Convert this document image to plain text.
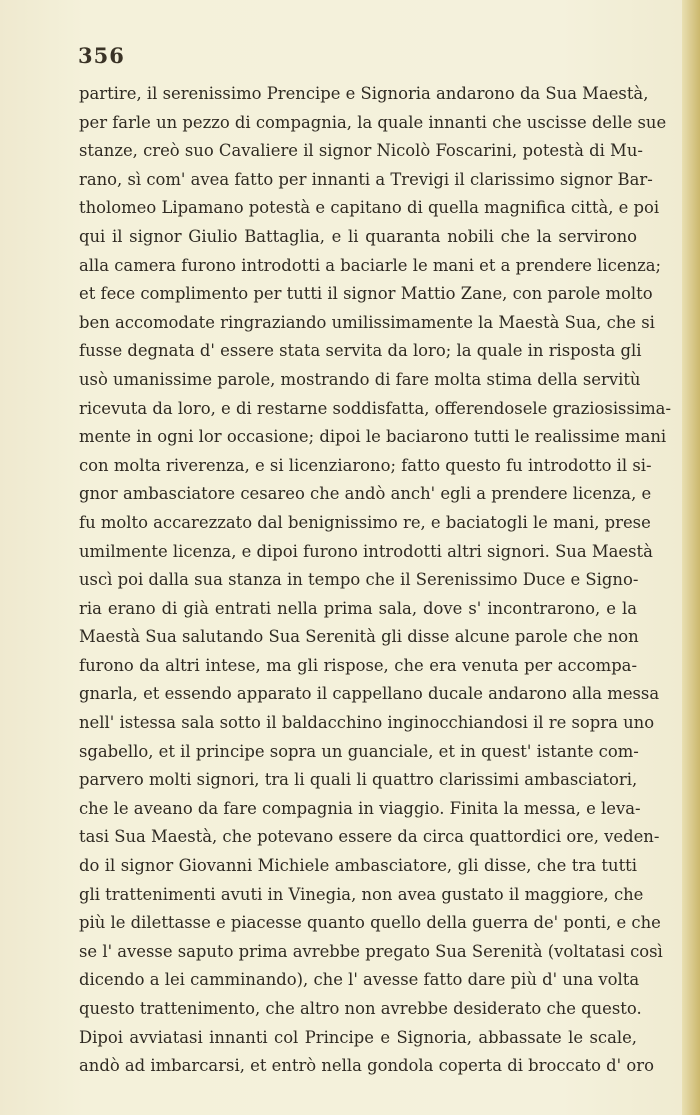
356
partire, il serenissimo Prencipe e Signoria andarono da Sua Maestà,
per farle un pezzo di compagnia, la quale innanti che uscisse delle sue
stanze, creò suo Cavaliere il signor Nicolò Foscarini, potestà di Mu-
rano, sì com' avea fatto per innanti a Trevigi il clarissimo signor Bar-
tholomeo Lipamano potestà e capitano di quella magnifica città, e poi
qui il signor Giulio Battaglia, e li quaranta nobili che la servirono
alla camera furono introdotti a baciarle le mani et a prendere licenza;
et fece complimento per tutti il signor Mattio Zane, con parole molto
ben accomodate ringraziando umilissimamente la Maestà Sua, che si
fusse degnata d' essere stata servita da loro; la quale in risposta gli
usò umanissime parole, mostrando di fare molta stima della servitù
ricevuta da loro, e di restarne soddisfatta, offerendosele graziosissima-
mente in ogni lor occasione; dipoi le baciarono tutti le realissime mani
con molta riverenza, e si licenziarono; fatto questo fu introdotto il si-
gnor ambasciatore cesareo che andò anch' egli a prendere licenza, e
fu molto accarezzato dal benignissimo re, e baciatogli le mani, prese
umilmente licenza, e dipoi furono introdotti altri signori. Sua Maestà
uscì poi dalla sua stanza in tempo che il Serenissimo Duce e Signo-
ria erano di già entrati nella prima sala, dove s' incontrarono, e la
Maestà Sua salutando Sua Serenità gli disse alcune parole che non
furono da altri intese, ma gli rispose, che era venuta per accompa-
gnarla, et essendo apparato il cappellano ducale andarono alla messa
nell' istessa sala sotto il baldacchino inginocchiandosi il re sopra uno
sgabello, et il principe sopra un guanciale, et in quest' istante com-
parvero molti signori, tra li quali li quattro clarissimi ambasciatori,
che le aveano da fare compagnia in viaggio. Finita la messa, e leva-
tasi Sua Maestà, che potevano essere da circa quattordici ore, veden-
do il signor Giovanni Michiele ambasciatore, gli disse, che tra tutti
gli trattenimenti avuti in Vinegia, non avea gustato il maggiore, che
più le dilettasse e piacesse quanto quello della guerra de' ponti, e che
se l' avesse saputo prima avrebbe pregato Sua Serenità (voltatasi così
dicendo a lei camminando), che l' avesse fatto dare più d' una volta
questo trattenimento, che altro non avrebbe desiderato che questo.
Dipoi avviatasi innanti col Principe e Signoria, abbassate le scale,
andò ad imbarcarsi, et entrò nella gondola coperta di broccato d' oro
